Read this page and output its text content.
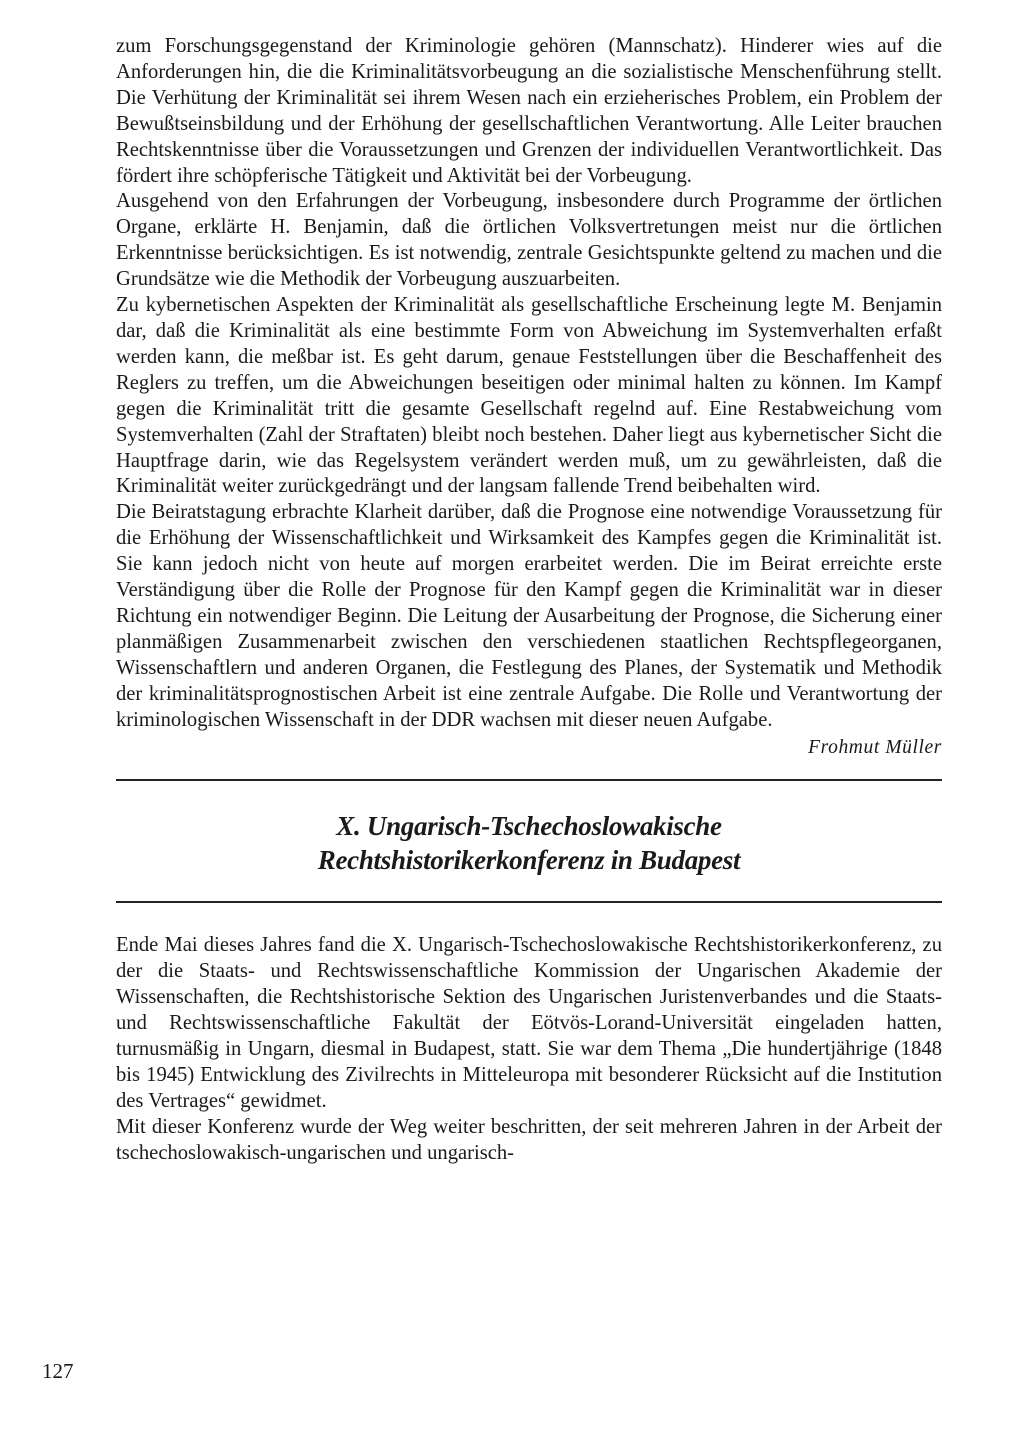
zum Forschungsgegenstand der Kriminologie gehören (Mannschatz). Hinderer wies auf die Anforderungen hin, die die Kriminalitätsvorbeugung an die sozialistische Menschenführung stellt. Die Verhütung der Kriminalität sei ihrem Wesen nach ein erzieherisches Problem, ein Problem der Bewußtseinsbildung und der Erhöhung der gesellschaftlichen Verantwortung. Alle Leiter brauchen Rechtskenntnisse über die Voraussetzungen und Grenzen der individuellen Verantwortlichkeit. Das fördert ihre schöpferische Tätigkeit und Aktivität bei der Vorbeugung.

Ausgehend von den Erfahrungen der Vorbeugung, insbesondere durch Programme der örtlichen Organe, erklärte H. Benjamin, daß die örtlichen Volksvertretungen meist nur die örtlichen Erkenntnisse berücksichtigen. Es ist notwendig, zentrale Gesichtspunkte geltend zu machen und die Grundsätze wie die Methodik der Vorbeugung auszuarbeiten.

Zu kybernetischen Aspekten der Kriminalität als gesellschaftliche Erscheinung legte M. Benjamin dar, daß die Kriminalität als eine bestimmte Form von Abweichung im Systemverhalten erfaßt werden kann, die meßbar ist. Es geht darum, genaue Feststellungen über die Beschaffenheit des Reglers zu treffen, um die Abweichungen beseitigen oder minimal halten zu können. Im Kampf gegen die Kriminalität tritt die gesamte Gesellschaft regelnd auf. Eine Restabweichung vom Systemverhalten (Zahl der Straftaten) bleibt noch bestehen. Daher liegt aus kybernetischer Sicht die Hauptfrage darin, wie das Regelsystem verändert werden muß, um zu gewährleisten, daß die Kriminalität weiter zurückgedrängt und der langsam fallende Trend beibehalten wird.

Die Beiratstagung erbrachte Klarheit darüber, daß die Prognose eine notwendige Voraussetzung für die Erhöhung der Wissenschaftlichkeit und Wirksamkeit des Kampfes gegen die Kriminalität ist. Sie kann jedoch nicht von heute auf morgen erarbeitet werden. Die im Beirat erreichte erste Verständigung über die Rolle der Prognose für den Kampf gegen die Kriminalität war in dieser Richtung ein notwendiger Beginn. Die Leitung der Ausarbeitung der Prognose, die Sicherung einer planmäßigen Zusammenarbeit zwischen den verschiedenen staatlichen Rechtspflegeorganen, Wissenschaftlern und anderen Organen, die Festlegung des Planes, der Systematik und Methodik der kriminalitätsprognostischen Arbeit ist eine zentrale Aufgabe. Die Rolle und Verantwortung der kriminologischen Wissenschaft in der DDR wachsen mit dieser neuen Aufgabe.

Frohmut Müller
X. Ungarisch-Tschechoslowakische
Rechtshistorikerkonferenz in Budapest

Ende Mai dieses Jahres fand die X. Ungarisch-Tschechoslowakische Rechtshistorikerkonferenz, zu der die Staats- und Rechtswissenschaftliche Kommission der Ungarischen Akademie der Wissenschaften, die Rechtshistorische Sektion des Ungarischen Juristenverbandes und die Staats- und Rechtswissenschaftliche Fakultät der Eötvös-Lorand-Universität eingeladen hatten, turnusmäßig in Ungarn, diesmal in Budapest, statt. Sie war dem Thema „Die hundertjährige (1848 bis 1945) Entwicklung des Zivilrechts in Mitteleuropa mit besonderer Rücksicht auf die Institution des Vertrages“ gewidmet.

Mit dieser Konferenz wurde der Weg weiter beschritten, der seit mehreren Jahren in der Arbeit der tschechoslowakisch-ungarischen und ungarisch-

127
